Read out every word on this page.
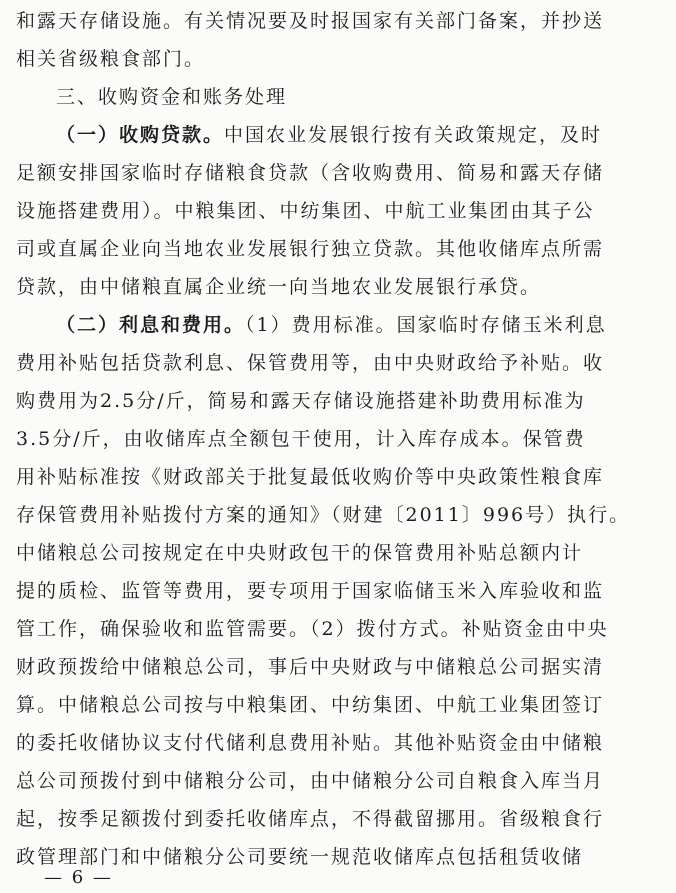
和露天存储设施。有关情况要及时报国家有关部门备案，并抄送
相关省级粮食部门。
三、收购资金和账务处理
（一）收购贷款。中国农业发展银行按有关政策规定，及时
足额安排国家临时存储粮食贷款（含收购费用、简易和露天存储
设施搭建费用）。中粮集团、中纺集团、中航工业集团由其子公
司或直属企业向当地农业发展银行独立贷款。其他收储库点所需
贷款，由中储粮直属企业统一向当地农业发展银行承贷。
（二）利息和费用。（1）费用标准。国家临时存储玉米利息
费用补贴包括贷款利息、保管费用等，由中央财政给予补贴。收
购费用为2.5分/斤，简易和露天存储设施搭建补助费用标准为
3.5分/斤，由收储库点全额包干使用，计入库存成本。保管费
用补贴标准按《财政部关于批复最低收购价等中央政策性粮食库
存保管费用补贴拨付方案的通知》（财建〔2011〕996号）执行。
中储粮总公司按规定在中央财政包干的保管费用补贴总额内计
提的质检、监管等费用，要专项用于国家临储玉米入库验收和监
管工作，确保验收和监管需要。（2）拨付方式。补贴资金由中央
财政预拨给中储粮总公司，事后中央财政与中储粮总公司据实清
算。中储粮总公司按与中粮集团、中纺集团、中航工业集团签订
的委托收储协议支付代储利息费用补贴。其他补贴资金由中储粮
总公司预拨付到中储粮分公司，由中储粮分公司自粮食入库当月
起，按季足额拨付到委托收储库点，不得截留挪用。省级粮食行
政管理部门和中储粮分公司要统一规范收储库点包括租赁收储
— 6 —
